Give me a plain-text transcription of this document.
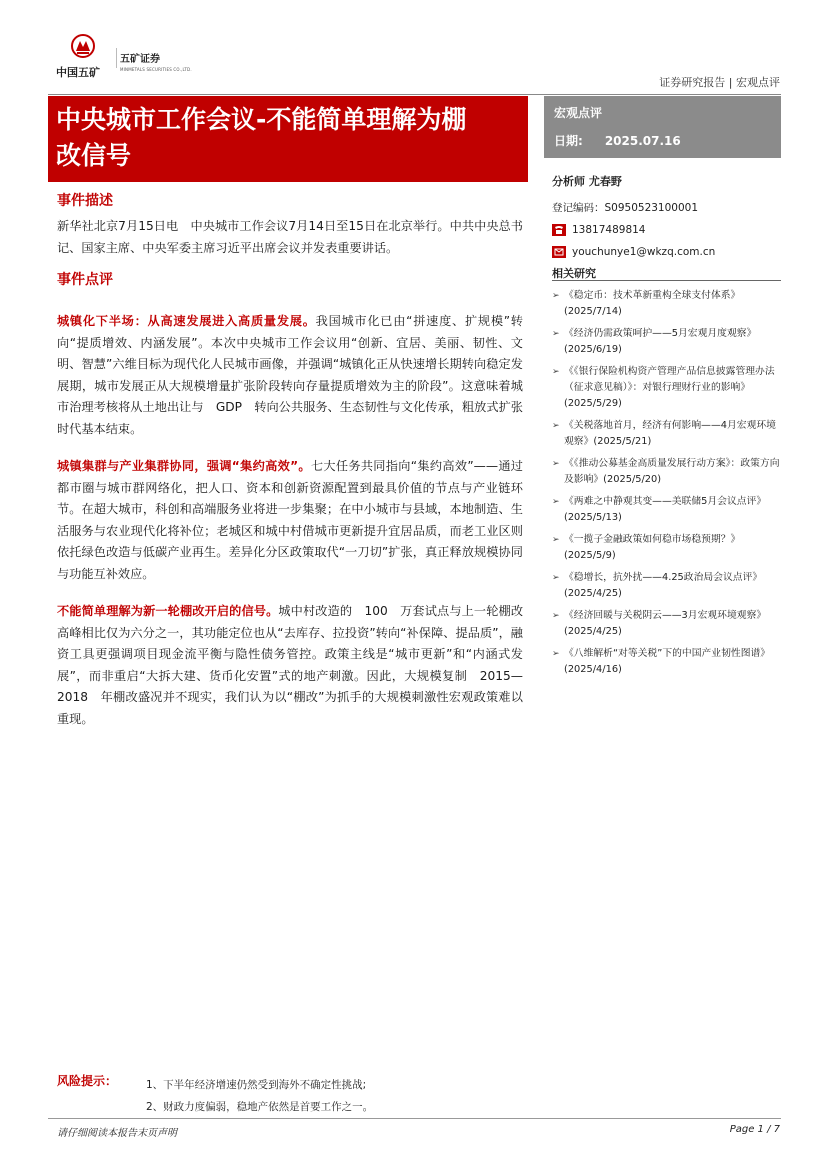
中国五矿
五矿证券
MINMETALS SECURITIES CO.,LTD.
证券研究报告 | 宏观点评
中央城市工作会议-不能简单理解为棚
改信号
宏观点评
日期: 2025.07.16
分析师 尤春野
登记编码：S0950523100001
13817489814
youchunye1@wkzq.com.cn
相关研究
➢ 《稳定币：技术革新重构全球支付体系》(2025/7/14)
➢ 《经济仍需政策呵护——5月宏观月度观察》(2025/6/19)
➢ 《《银行保险机构资产管理产品信息披露管理办法（征求意见稿）》：对银行理财行业的影响》(2025/5/29)
➢ 《关税落地首月，经济有何影响——4月宏观环境观察》(2025/5/21)
➢ 《《推动公募基金高质量发展行动方案》：政策方向及影响》(2025/5/20)
➢ 《两难之中静观其变——美联储5月会议点评》(2025/5/13)
➢ 《一揽子金融政策如何稳市场稳预期？》(2025/5/9)
➢ 《稳增长，抗外扰——4.25政治局会议点评》(2025/4/25)
➢ 《经济回暖与关税阴云——3月宏观环境观察》(2025/4/25)
➢ 《八维解析“对等关税”下的中国产业韧性图谱》(2025/4/16)
事件描述

新华社北京7月15日电　中央城市工作会议7月14日至15日在北京举行。中共中央总书记、国家主席、中央军委主席习近平出席会议并发表重要讲话。

事件点评

城镇化下半场：从高速发展进入高质量发展。我国城市化已由“拼速度、扩规模”转向“提质增效、内涵发展”。本次中央城市工作会议用“创新、宜居、美丽、韧性、文明、智慧”六维目标为现代化人民城市画像，并强调“城镇化正从快速增长期转向稳定发展期，城市发展正从大规模增量扩张阶段转向存量提质增效为主的阶段”。这意味着城市治理考核将从土地出让与　GDP　转向公共服务、生态韧性与文化传承，粗放式扩张时代基本结束。

城镇集群与产业集群协同，强调“集约高效”。七大任务共同指向“集约高效”——通过都市圈与城市群网络化，把人口、资本和创新资源配置到最具价值的节点与产业链环节。在超大城市，科创和高端服务业将进一步集聚；在中小城市与县域，本地制造、生活服务与农业现代化将补位；老城区和城中村借城市更新提升宜居品质，而老工业区则依托绿色改造与低碳产业再生。差异化分区政策取代“一刀切”扩张，真正释放规模协同与功能互补效应。

不能简单理解为新一轮棚改开启的信号。城中村改造的　100　万套试点与上一轮棚改高峰相比仅为六分之一，其功能定位也从“去库存、拉投资”转向“补保障、提品质”，融资工具更强调项目现金流平衡与隐性债务管控。政策主线是“城市更新”和“内涵式发展”，而非重启“大拆大建、货币化安置”式的地产刺激。因此，大规模复制　2015—2018　年棚改盛况并不现实，我们认为以“棚改”为抓手的大规模刺激性宏观政策难以重现。

风险提示：	1、下半年经济增速仍然受到海外不确定性挑战;
2、财政力度偏弱，稳地产依然是首要工作之一。
请仔细阅读本报告末页声明	Page 1 / 7
